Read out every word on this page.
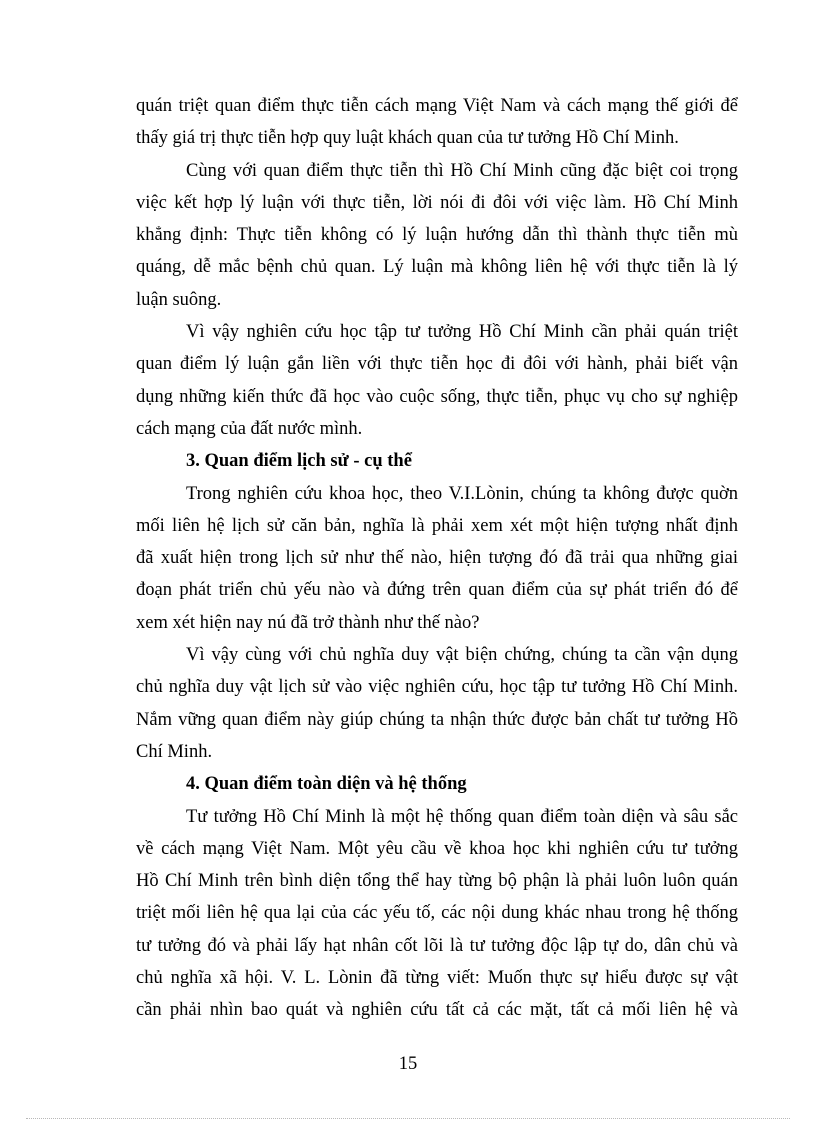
quán triệt quan điểm thực tiễn cách mạng Việt Nam và cách mạng thế giới để
thấy giá trị thực tiễn hợp quy luật khách quan của tư tưởng Hồ Chí Minh.
Cùng với quan điểm thực tiễn thì Hồ Chí Minh cũng đặc biệt coi trọng
việc kết hợp lý luận với thực tiễn, lời nói đi đôi với việc làm. Hồ Chí Minh
khẳng định: Thực tiễn không có lý luận hướng dẫn thì thành thực tiễn mù
quáng, dễ mắc bệnh chủ quan. Lý luận mà không liên hệ với thực tiễn là lý
luận suông.
Vì vậy nghiên cứu học tập tư tưởng Hồ Chí Minh cần phải quán triệt
quan điểm lý luận gắn liền với thực tiễn học đi đôi với hành, phải biết vận
dụng những kiến thức đã học vào cuộc sống, thực tiễn, phục vụ cho sự nghiệp
cách mạng của đất nước mình.
3. Quan điểm lịch sử - cụ thể
Trong nghiên cứu khoa học, theo V.I.Lònin, chúng ta không được quờn
mối liên hệ lịch sử căn bản, nghĩa là phải xem xét một hiện tượng nhất định
đã xuất hiện trong lịch sử như thế nào, hiện tượng đó đã trải qua những giai
đoạn phát triển chủ yếu nào và đứng trên quan điểm của sự phát triển đó để
xem xét hiện nay nú đã trở thành như thế nào?
Vì vậy cùng với chủ nghĩa duy vật biện chứng, chúng ta cần vận dụng
chủ nghĩa duy vật lịch sử vào việc nghiên cứu, học tập tư tưởng Hồ Chí Minh.
Nắm vững quan điểm này giúp chúng ta nhận thức được bản chất tư tưởng Hồ
Chí Minh.
4. Quan điểm toàn diện và hệ thống
Tư tưởng Hồ Chí Minh là một hệ thống quan điểm toàn diện và sâu sắc
về cách mạng Việt Nam. Một yêu cầu về khoa học khi nghiên cứu tư tưởng
Hồ Chí Minh trên bình diện tổng thể hay từng bộ phận là phải luôn luôn quán
triệt mối liên hệ qua lại của các yếu tố, các nội dung khác nhau trong hệ thống
tư tưởng đó và phải lấy hạt nhân cốt lõi là tư tưởng độc lập tự do, dân chủ và
chủ nghĩa xã hội. V. L. Lònin đã từng viết: Muốn thực sự hiểu được sự vật
cần phải nhìn bao quát và nghiên cứu tất cả các mặt, tất cả mối liên hệ và
15
